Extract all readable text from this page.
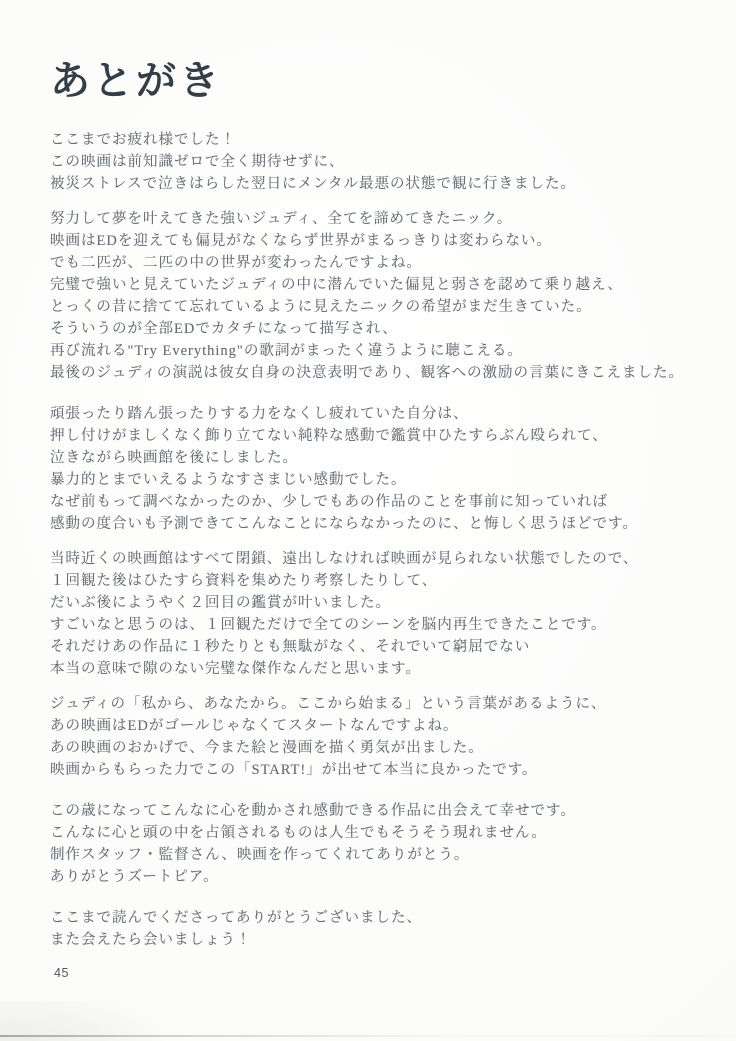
あとがき
ここまでお疲れ様でした！
この映画は前知識ゼロで全く期待せずに、
被災ストレスで泣きはらした翌日にメンタル最悪の状態で観に行きました。
努力して夢を叶えてきた強いジュディ、全てを諦めてきたニック。
映画はEDを迎えても偏見がなくならず世界がまるっきりは変わらない。
でも二匹が、二匹の中の世界が変わったんですよね。
完璧で強いと見えていたジュディの中に潜んでいた偏見と弱さを認めて乗り越え、
とっくの昔に捨てて忘れているように見えたニックの希望がまだ生きていた。
そういうのが全部EDでカタチになって描写され、
再び流れる"Try Everything"の歌詞がまったく違うように聴こえる。
最後のジュディの演説は彼女自身の決意表明であり、観客への激励の言葉にきこえました。
頑張ったり踏ん張ったりする力をなくし疲れていた自分は、
押し付けがましくなく飾り立てない純粋な感動で鑑賞中ひたすらぶん殴られて、
泣きながら映画館を後にしました。
暴力的とまでいえるようなすさまじい感動でした。
なぜ前もって調べなかったのか、少しでもあの作品のことを事前に知っていれば
感動の度合いも予測できてこんなことにならなかったのに、と悔しく思うほどです。
当時近くの映画館はすべて閉鎖、遠出しなければ映画が見られない状態でしたので、
１回観た後はひたすら資料を集めたり考察したりして、
だいぶ後にようやく２回目の鑑賞が叶いました。
すごいなと思うのは、１回観ただけで全てのシーンを脳内再生できたことです。
それだけあの作品に１秒たりとも無駄がなく、それでいて窮屈でない
本当の意味で隙のない完璧な傑作なんだと思います。
ジュディの「私から、あなたから。ここから始まる」という言葉があるように、
あの映画はEDがゴールじゃなくてスタートなんですよね。
あの映画のおかげで、今また絵と漫画を描く勇気が出ました。
映画からもらった力でこの「START!」が出せて本当に良かったです。
この歳になってこんなに心を動かされ感動できる作品に出会えて幸せです。
こんなに心と頭の中を占領されるものは人生でもそうそう現れません。
制作スタッフ・監督さん、映画を作ってくれてありがとう。
ありがとうズートピア。
ここまで読んでくださってありがとうございました、
また会えたら会いましょう！
45
